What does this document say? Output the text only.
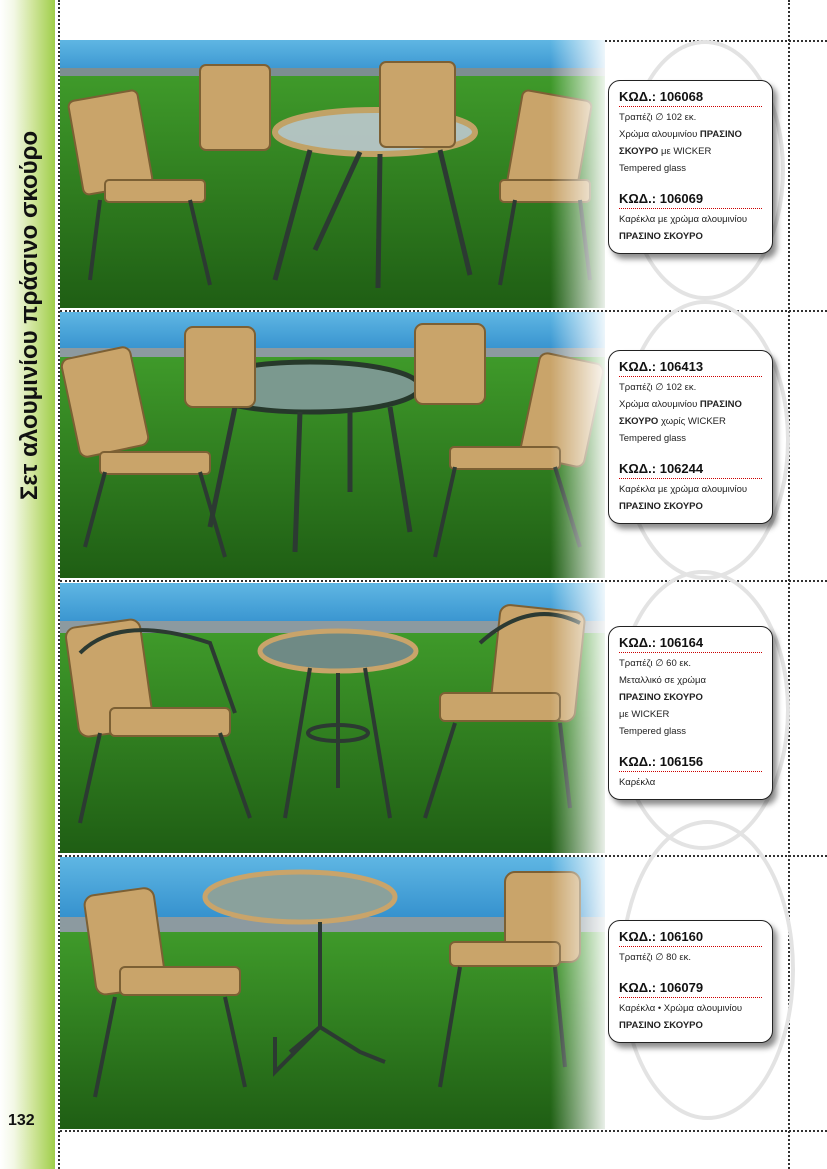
Σετ αλουμινίου πράσινο σκούρο
132
ΚΩΔ.: 106068
Τραπέζι ∅ 102 εκ.
Χρώμα αλουμινίου ΠΡΑΣΙΝΟ
ΣΚΟΥΡΟ με WICKER
Tempered glass
ΚΩΔ.: 106069
Καρέκλα με χρώμα αλουμινίου
ΠΡΑΣΙΝΟ ΣΚΟΥΡΟ
ΚΩΔ.: 106413
Τραπέζι ∅ 102 εκ.
Χρώμα αλουμινίου ΠΡΑΣΙΝΟ
ΣΚΟΥΡΟ χωρίς WICKER
Tempered glass
ΚΩΔ.: 106244
Καρέκλα με χρώμα αλουμινίου
ΠΡΑΣΙΝΟ ΣΚΟΥΡΟ
ΚΩΔ.: 106164
Τραπέζι ∅ 60 εκ.
Μεταλλικό σε χρώμα
ΠΡΑΣΙΝΟ ΣΚΟΥΡΟ
με WICKER
Tempered glass
ΚΩΔ.: 106156
Καρέκλα
ΚΩΔ.: 106160
Τραπέζι ∅ 80 εκ.
ΚΩΔ.: 106079
Καρέκλα • Χρώμα αλουμινίου
ΠΡΑΣΙΝΟ ΣΚΟΥΡΟ
